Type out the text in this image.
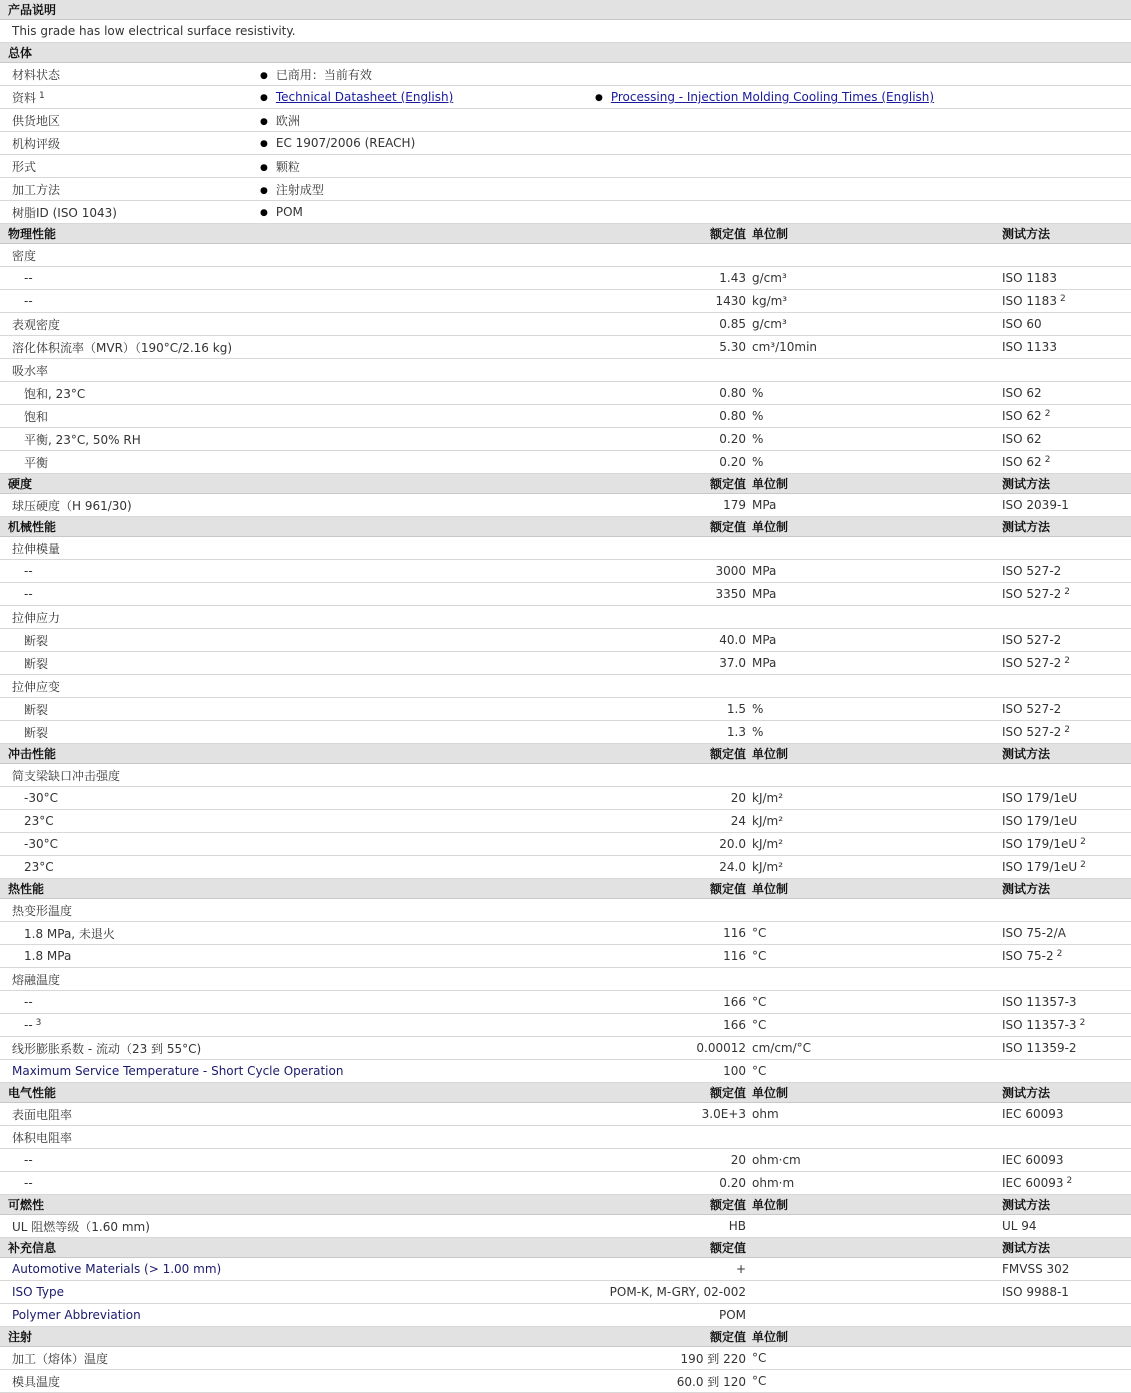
产品说明				
This grade has low electrical surface resistivity.				
总体				
材料状态	● 已商用：当前有效
资料 $^1$	● Technical Datasheet (English)	● Processing - Injection Molding Cooling Times (English)
供货地区	● 欧洲
机构评级	● EC 1907/2006 (REACH)
形式	● 颗粒
加工方法	● 注射成型
树脂ID (ISO 1043)	● POM
物理性能		额定值	单位制	测试方法
密度				
--		1.43	g/cm³	ISO 1183
--		1430	kg/m³	ISO 1183 $^2$
表观密度		0.85	g/cm³	ISO 60
溶化体积流率（MVR）（190°C/2.16 kg)		5.30	cm³/10min	ISO 1133
吸水率				
饱和, 23°C		0.80	%	ISO 62
饱和		0.80	%	ISO 62 $^2$
平衡, 23°C, 50% RH		0.20	%	ISO 62
平衡		0.20	%	ISO 62 $^2$
硬度		额定值	单位制	测试方法
球压硬度（H 961/30)		179	MPa	ISO 2039-1
机械性能		额定值	单位制	测试方法
拉伸模量				
--		3000	MPa	ISO 527-2
--		3350	MPa	ISO 527-2 $^2$
拉伸应力				
断裂		40.0	MPa	ISO 527-2
断裂		37.0	MPa	ISO 527-2 $^2$
拉伸应变				
断裂		1.5	%	ISO 527-2
断裂		1.3	%	ISO 527-2 $^2$
冲击性能		额定值	单位制	测试方法
简支梁缺口冲击强度				
-30°C		20	kJ/m²	ISO 179/1eU
23°C		24	kJ/m²	ISO 179/1eU
-30°C		20.0	kJ/m²	ISO 179/1eU $^2$
23°C		24.0	kJ/m²	ISO 179/1eU $^2$
热性能		额定值	单位制	测试方法
热变形温度				
1.8 MPa, 未退火		116	°C	ISO 75-2/A
1.8 MPa		116	°C	ISO 75-2 $^2$
熔融温度				
--		166	°C	ISO 11357-3
-- $^3$		166	°C	ISO 11357-3 $^2$
线形膨胀系数 - 流动（23 到 55°C)		0.00012	cm/cm/°C	ISO 11359-2
Maximum Service Temperature - Short Cycle Operation		100	°C	
电气性能		额定值	单位制	测试方法
表面电阻率		3.0E+3	ohm	IEC 60093
体积电阻率				
--		20	ohm·cm	IEC 60093
--		0.20	ohm·m	IEC 60093 $^2$
可燃性		额定值	单位制	测试方法
UL 阻燃等级（1.60 mm)		HB		UL 94
补充信息		额定值		测试方法
Automotive Materials (> 1.00 mm)		+		FMVSS 302
ISO Type		POM-K, M-GRY, 02-002		ISO 9988-1
Polymer Abbreviation		POM		
注射		额定值	单位制	
加工（熔体）温度		190 到 220	°C	
模具温度		60.0 到 120	°C	
